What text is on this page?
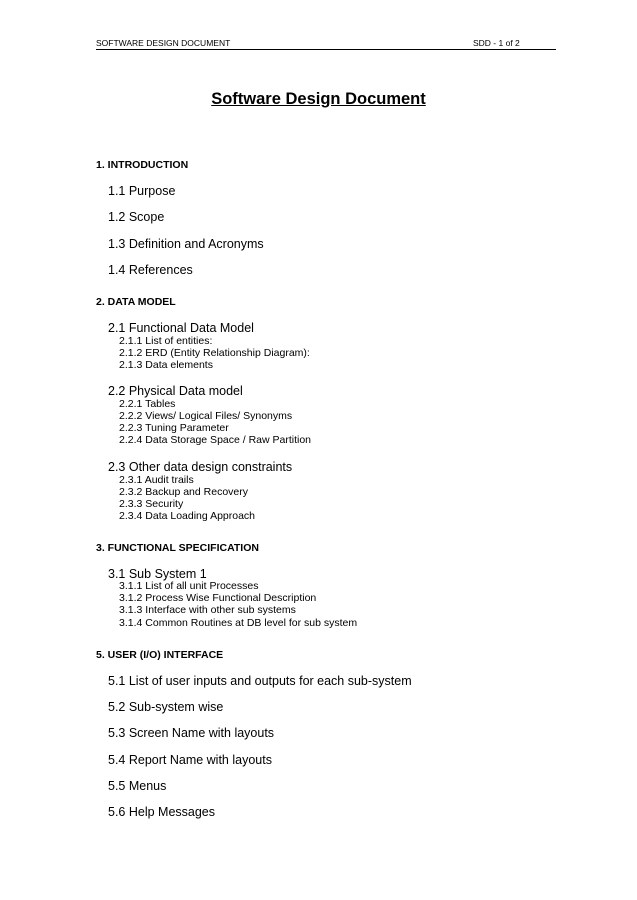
SOFTWARE DESIGN DOCUMENT	SDD - 1 of 2
Software Design Document
1. INTRODUCTION
1.1 Purpose
1.2 Scope
1.3 Definition and Acronyms
1.4 References
2. DATA MODEL
2.1 Functional Data Model
2.1.1 List of entities:
2.1.2 ERD (Entity Relationship Diagram):
2.1.3 Data elements
2.2 Physical Data model
2.2.1 Tables
2.2.2 Views/ Logical Files/ Synonyms
2.2.3 Tuning Parameter
2.2.4 Data Storage Space / Raw Partition
2.3 Other data design constraints
2.3.1 Audit trails
2.3.2 Backup and Recovery
2.3.3 Security
2.3.4 Data Loading Approach
3. FUNCTIONAL SPECIFICATION
3.1 Sub System 1
3.1.1 List of all unit Processes
3.1.2 Process Wise Functional Description
3.1.3 Interface with other sub systems
3.1.4 Common Routines at DB level for sub system
5. USER (I/O) INTERFACE
5.1 List of user inputs and outputs for each sub-system
5.2 Sub-system wise
5.3 Screen Name with layouts
5.4 Report Name with layouts
5.5 Menus
5.6 Help Messages
